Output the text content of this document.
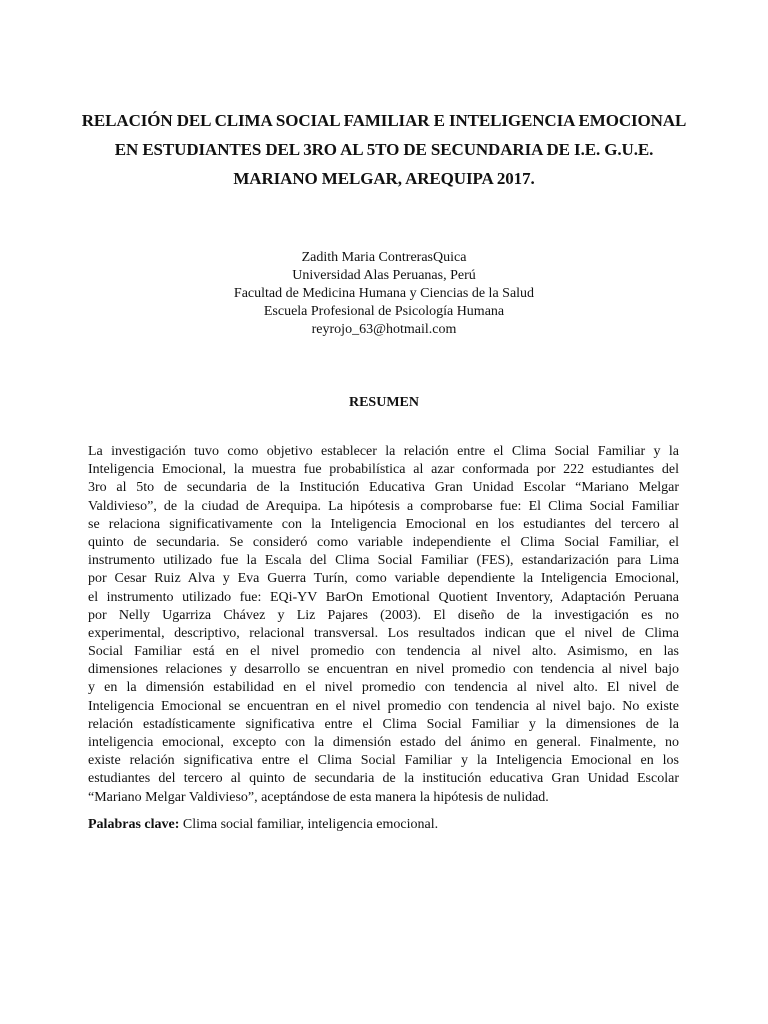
RELACIÓN DEL CLIMA SOCIAL FAMILIAR E INTELIGENCIA EMOCIONAL
EN ESTUDIANTES DEL 3RO AL 5TO DE SECUNDARIA DE I.E. G.U.E.
MARIANO MELGAR, AREQUIPA 2017.
Zadith Maria ContrerasQuica
Universidad Alas Peruanas, Perú
Facultad de Medicina Humana y Ciencias de la Salud
Escuela Profesional de Psicología Humana
reyrojo_63@hotmail.com
RESUMEN
La investigación tuvo como objetivo establecer la relación entre el Clima Social Familiar y la
Inteligencia Emocional, la muestra fue probabilística al azar conformada por 222 estudiantes del
3ro al 5to de secundaria de la Institución Educativa Gran Unidad Escolar “Mariano Melgar
Valdivieso”, de la ciudad de Arequipa. La hipótesis a comprobarse fue: El Clima Social Familiar
se relaciona significativamente con la Inteligencia Emocional en los estudiantes del tercero al
quinto de secundaria. Se consideró como variable independiente el Clima Social Familiar, el
instrumento utilizado fue la Escala del Clima Social Familiar (FES), estandarización para Lima
por Cesar Ruiz Alva y Eva Guerra Turín, como variable dependiente la Inteligencia Emocional,
el instrumento utilizado fue: EQi-YV BarOn Emotional Quotient Inventory, Adaptación Peruana
por Nelly Ugarriza Chávez y Liz Pajares (2003). El diseño de la investigación es no
experimental, descriptivo, relacional transversal. Los resultados indican que el nivel de Clima
Social Familiar está en el nivel promedio con tendencia al nivel alto. Asimismo, en las
dimensiones relaciones y desarrollo se encuentran en nivel promedio con tendencia al nivel bajo
y en la dimensión estabilidad en el nivel promedio con tendencia al nivel alto. El nivel de
Inteligencia Emocional se encuentran en el nivel promedio con tendencia al nivel bajo. No existe
relación estadísticamente significativa entre el Clima Social Familiar y la dimensiones de la
inteligencia emocional, excepto con la dimensión estado del ánimo en general. Finalmente, no
existe relación significativa entre el Clima Social Familiar y la Inteligencia Emocional en los
estudiantes del tercero al quinto de secundaria de la institución educativa Gran Unidad Escolar
“Mariano Melgar Valdivieso”, aceptándose de esta manera la hipótesis de nulidad.
Palabras clave: Clima social familiar, inteligencia emocional.
